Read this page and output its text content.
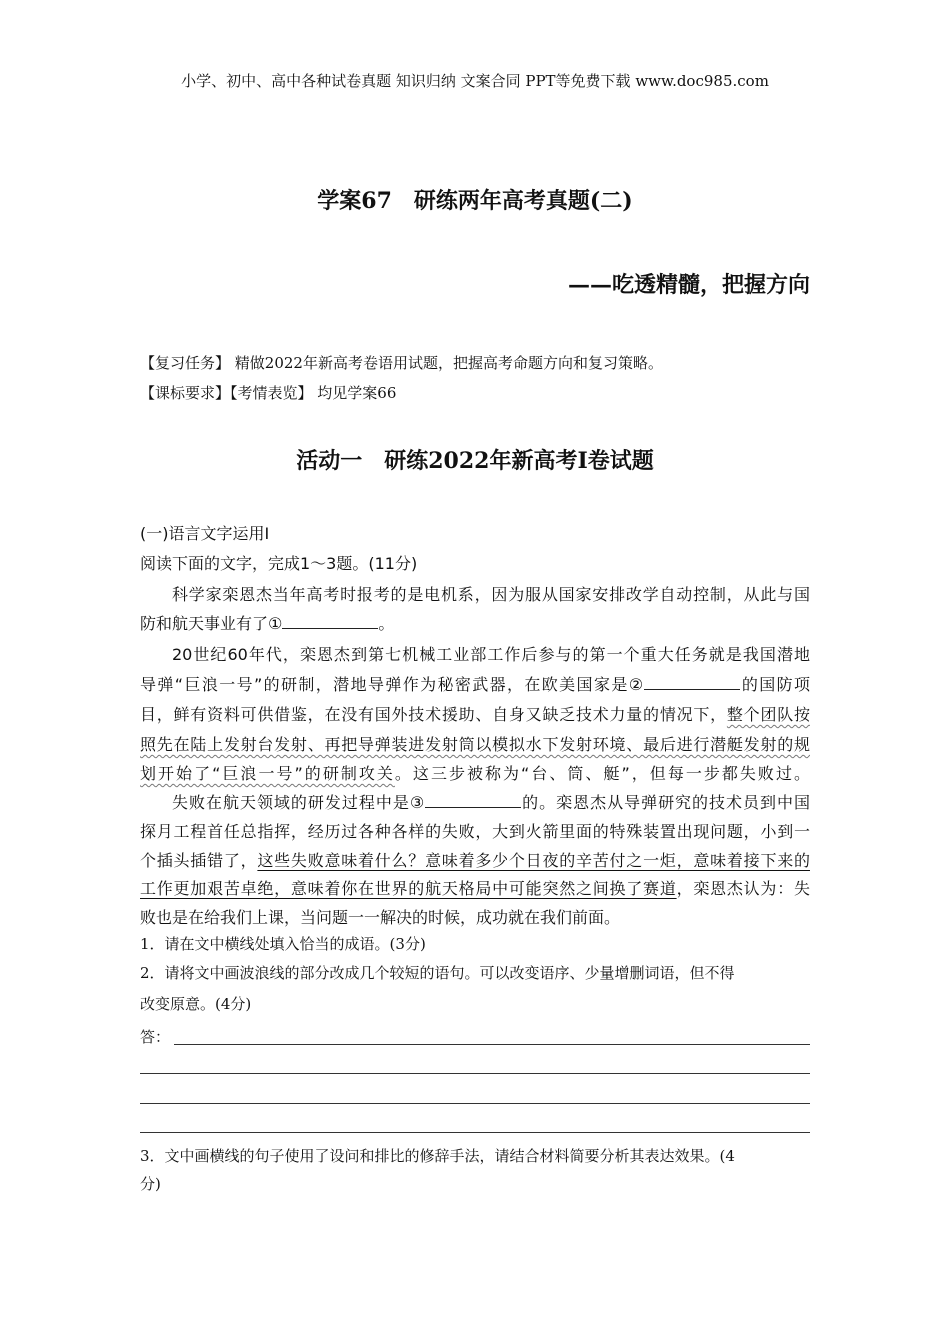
小学、初中、高中各种试卷真题 知识归纳 文案合同 PPT等免费下载 www.doc985.com
学案67　研练两年高考真题(二)
——吃透精髓，把握方向
【复习任务】 精做2022年新高考卷语用试题，把握高考命题方向和复习策略。
【课标要求】【考情表览】 均见学案66
活动一　研练2022年新高考Ⅰ卷试题
(一)语言文字运用Ⅰ
阅读下面的文字，完成1～3题。(11分)
科学家栾恩杰当年高考时报考的是电机系，因为服从国家安排改学自动控制，从此与国
防和航天事业有了①	。
20世纪60年代，栾恩杰到第七机械工业部工作后参与的第一个重大任务就是我国潜地
导弹“巨浪一号”的研制，潜地导弹作为秘密武器，在欧美国家是②	的国防项
目，鲜有资料可供借鉴，在没有国外技术援助、自身又缺乏技术力量的情况下，整个团队按
照先在陆上发射台发射、再把导弹装进发射筒以模拟水下发射环境、最后进行潜艇发射的规
划开始了“巨浪一号”的研制攻关。这三步被称为“台、筒、艇”，但每一步都失败过。
失败在航天领域的研发过程中是③	的。栾恩杰从导弹研究的技术员到中国
探月工程首任总指挥，经历过各种各样的失败，大到火箭里面的特殊装置出现问题，小到一
个插头插错了，这些失败意味着什么？意味着多少个日夜的辛苦付之一炬，意味着接下来的
工作更加艰苦卓绝，意味着你在世界的航天格局中可能突然之间换了赛道，栾恩杰认为：失
败也是在给我们上课，当问题一一解决的时候，成功就在我们前面。
1．请在文中横线处填入恰当的成语。(3分)
2．请将文中画波浪线的部分改成几个较短的语句。可以改变语序、少量增删词语，但不得
改变原意。(4分)
答：
3．文中画横线的句子使用了设问和排比的修辞手法，请结合材料简要分析其表达效果。(4
分)
